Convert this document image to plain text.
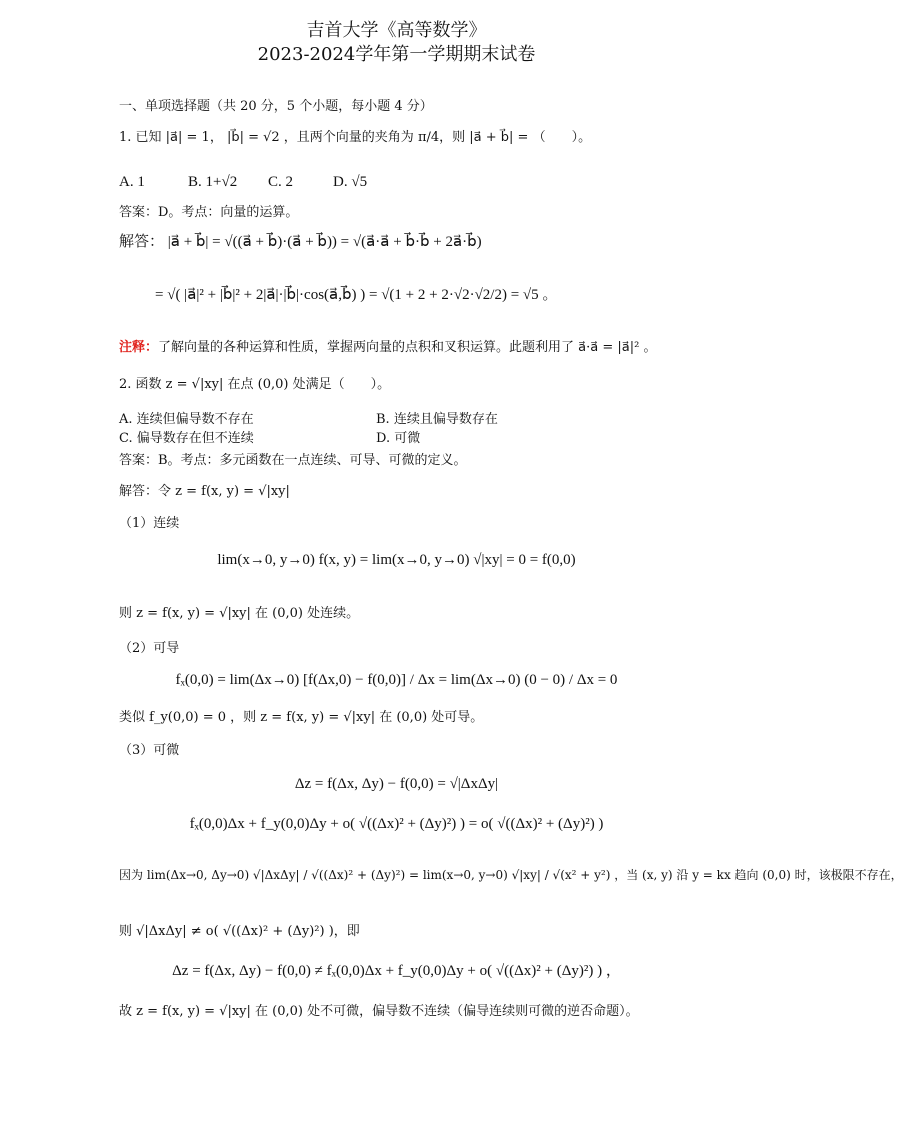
吉首大学《高等数学》
2023-2024学年第一学期期末试卷
一、单项选择题（共 20 分，5 个小题，每小题 4 分）
1. 已知 |a⃗| = 1， |b⃗| = √2 ，且两个向量的夹角为 π/4，则 |a⃗ + b⃗| = （　　）。
A. 1	B. 1+√2 C. 2	D. √5
答案：D。考点：向量的运算。
解答： |a⃗ + b⃗| = √((a⃗ + b⃗)·(a⃗ + b⃗)) = √(a⃗·a⃗ + b⃗·b⃗ + 2a⃗·b⃗)
= √( |a⃗|² + |b⃗|² + 2|a⃗|·|b⃗|·cos(a⃗,b⃗) ) = √(1 + 2 + 2·√2·√2/2) = √5 。
注释：了解向量的各种运算和性质，掌握两向量的点积和叉积运算。此题利用了 a⃗·a⃗ = |a⃗|² 。
2. 函数 z = √|xy| 在点 (0,0) 处满足（　　）。
A. 连续但偏导数不存在	B. 连续且偏导数存在
C. 偏导数存在但不连续	D. 可微
答案：B。考点：多元函数在一点连续、可导、可微的定义。
解答：令 z = f(x, y) = √|xy|
（1）连续
lim(x→0, y→0) f(x, y) = lim(x→0, y→0) √|xy| = 0 = f(0,0)
则 z = f(x, y) = √|xy| 在 (0,0) 处连续。
（2）可导
fₓ(0,0) = lim(Δx→0) [f(Δx,0) − f(0,0)] / Δx = lim(Δx→0) (0 − 0) / Δx = 0
类似 f_y(0,0) = 0 ，则 z = f(x, y) = √|xy| 在 (0,0) 处可导。
（3）可微
Δz = f(Δx, Δy) − f(0,0) = √|ΔxΔy|
fₓ(0,0)Δx + f_y(0,0)Δy + o( √((Δx)² + (Δy)²) ) = o( √((Δx)² + (Δy)²) )
因为 lim(Δx→0, Δy→0) √|ΔxΔy| / √((Δx)² + (Δy)²) = lim(x→0, y→0) √|xy| / √(x² + y²) ，当 (x, y) 沿 y = kx 趋向 (0,0) 时，该极限不存在，
则 √|ΔxΔy| ≠ o( √((Δx)² + (Δy)²) )，即
Δz = f(Δx, Δy) − f(0,0) ≠ fₓ(0,0)Δx + f_y(0,0)Δy + o( √((Δx)² + (Δy)²) ) ，
故 z = f(x, y) = √|xy| 在 (0,0) 处不可微，偏导数不连续（偏导连续则可微的逆否命题）。
